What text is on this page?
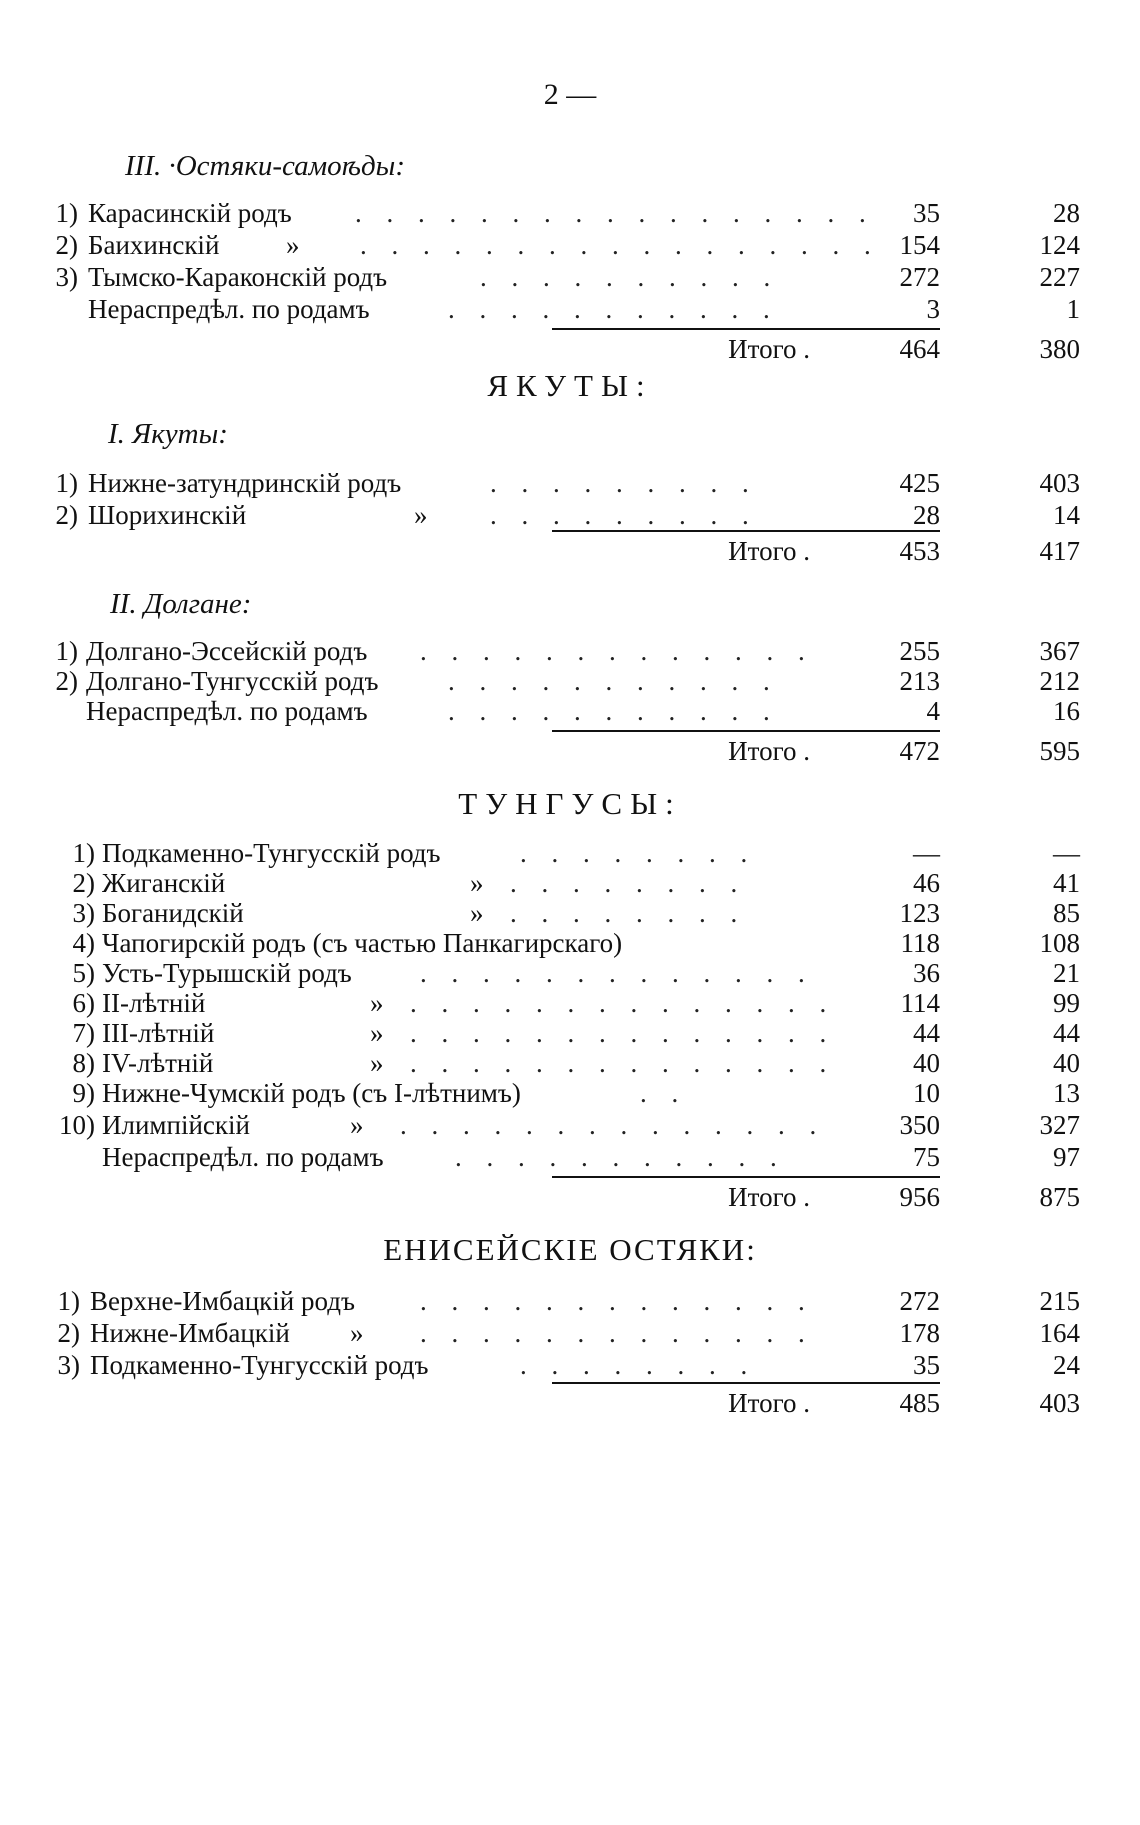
2 —
III. ·Остяки-самоѣды:
1) Карасинскій родъ . . . . . . . . . . . . . . . . .	35	28
2) Баихинскій » . . . . . . . . . . . . . . . . . 154	124
3) Тымско-Караконскій родъ	. . . . . . . . . .	272	227
Нераспредѣл. по родамъ	. . . . . . . . . . .	3	1
Итого .	464	380
ЯКУТЫ:
I. Якуты:
1) Нижне-затундринскій родъ	. . . . . . . . .	425	403
2) Шорихинскій	» . . . . . . . . .	28	14
Итого .	453	417
II. Долгане:
1) Долгано-Эссейскій родъ . . . . . . . . . . . . .	255	367
2) Долгано-Тунгусскій родъ	. . . . . . . . . . .	213	212
Нераспредѣл. по родамъ	. . . . . . . . . . .	4	16
Итого .	472	595
ТУНГУСЫ:
1) Подкаменно-Тунгусскій родъ	. . . . . . . .	—	—
2) Жиганскій	» . . . . . . . .	46	41
3) Боганидскій	» . . . . . . . .	123	85
4) Чапогирскій родъ (съ частью Панкагирскаго)	118	108
5) Усть-Турышскій родъ	. . . . . . . . . . . . .	36	21
6) II-лѣтній	» . . . . . . . . . . . . . .	114	99
7) III-лѣтній	» . . . . . . . . . . . . . .	44	44
8) IV-лѣтній	» . . . . . . . . . . . . . .	40	40
9) Нижне-Чумскій родъ (съ I-лѣтнимъ)	. .	10	13
10) Илимпійскій	» . . . . . . . . . . . . . .	350	327
Нераспредѣл. по родамъ	. . . . . . . . . . .	75	97
Итого .	956	875
ЕНИСЕЙСКІЕ ОСТЯКИ:
1) Верхне-Имбацкій родъ . . . . . . . . . . . . .	272	215
2) Нижне-Имбацкій » . . . . . . . . . . . . .	178	164
3) Подкаменно-Тунгусскій родъ	. . . . . . . .	35	24
Итого .	485	403
